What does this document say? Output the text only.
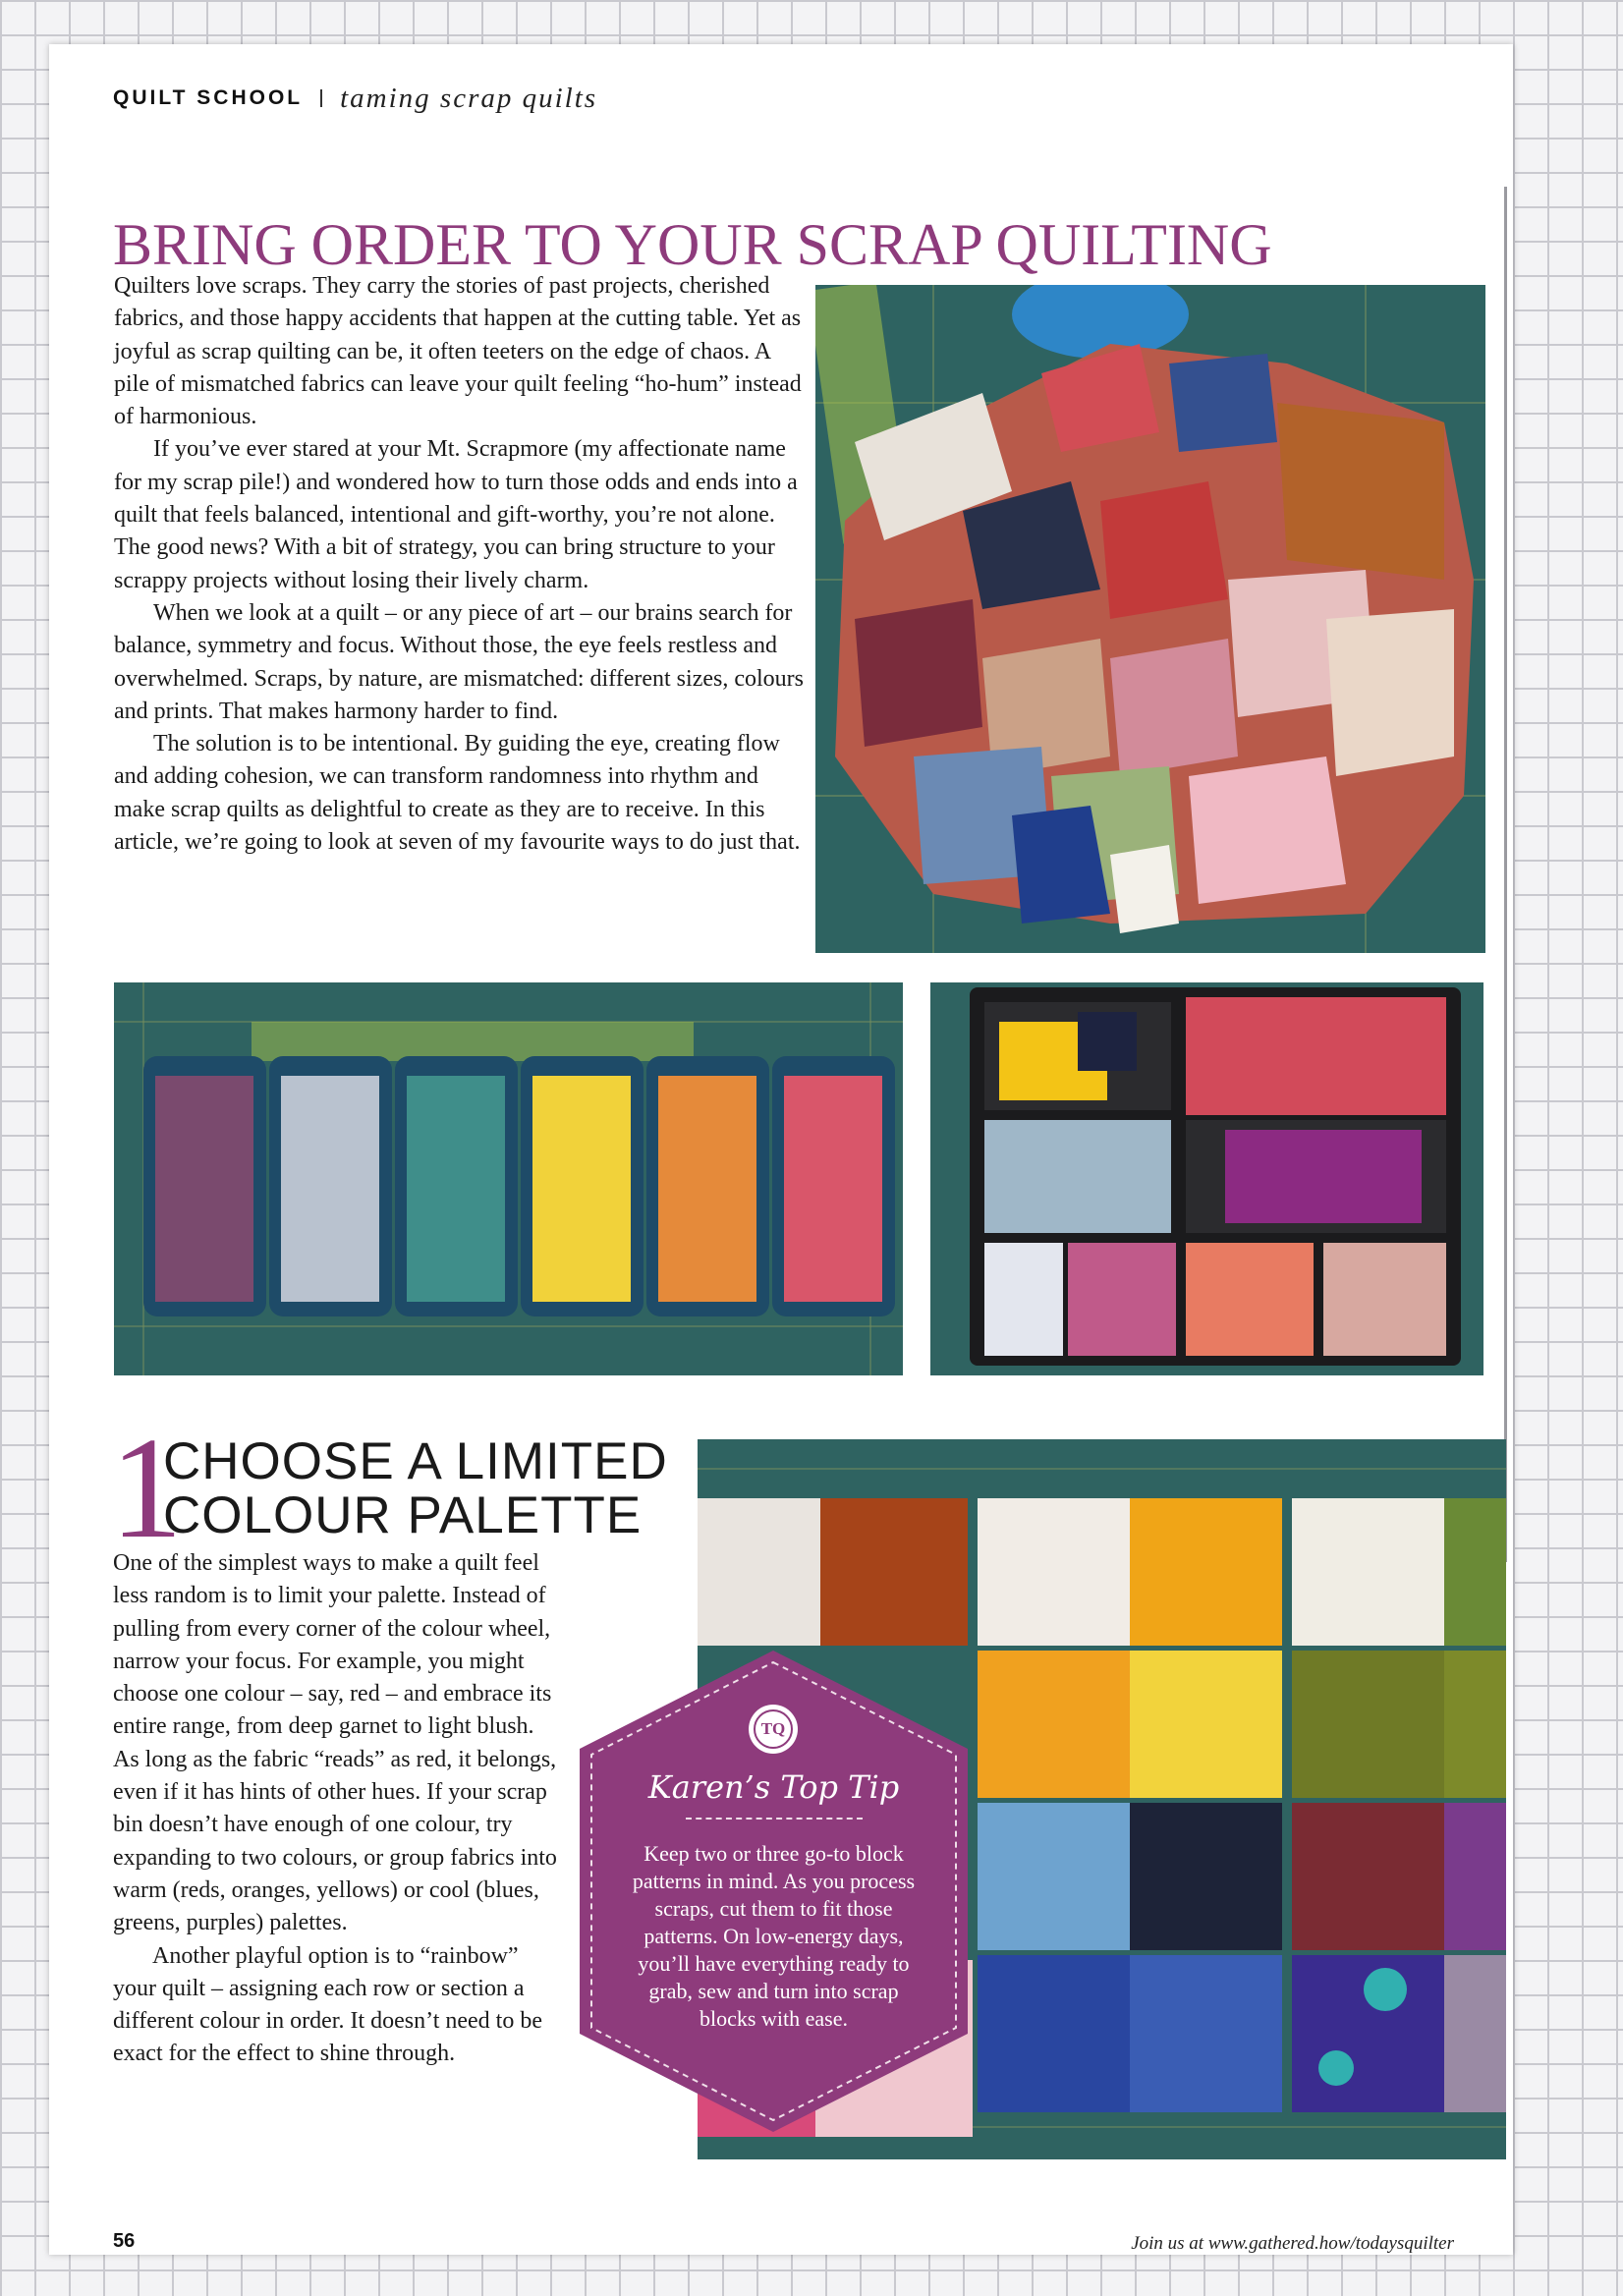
QUILT SCHOOL taming scrap quilts
BRING ORDER TO YOUR SCRAP QUILTING

Quilters love scraps. They carry the stories of past projects, cherished fabrics, and those happy accidents that happen at the cutting table. Yet as joyful as scrap quilting can be, it often teeters on the edge of chaos. A pile of mismatched fabrics can leave your quilt feeling “ho-hum” instead of harmonious.

If you’ve ever stared at your Mt. Scrapmore (my affectionate name for my scrap pile!) and wondered how to turn those odds and ends into a quilt that feels balanced, intentional and gift-worthy, you’re not alone. The good news? With a bit of strategy, you can bring structure to your scrappy projects without losing their lively charm.

When we look at a quilt – or any piece of art – our brains search for balance, symmetry and focus. Without those, the eye feels restless and overwhelmed. Scraps, by nature, are mismatched: different sizes, colours and prints. That makes harmony harder to find.

The solution is to be intentional. By guiding the eye, creating flow and adding cohesion, we can transform randomness into rhythm and make scrap quilts as delightful to create as they are to receive. In this article, we’re going to look at seven of my favourite ways to do just that.

1
CHOOSE A LIMITED
COLOUR PALETTE

One of the simplest ways to make a quilt feel less random is to limit your palette. Instead of pulling from every corner of the colour wheel, narrow your focus. For example, you might choose one colour – say, red – and embrace its entire range, from deep garnet to light blush. As long as the fabric “reads” as red, it belongs, even if it has hints of other hues. If your scrap bin doesn’t have enough of one colour, try expanding to two colours, or group fabrics into warm (reds, oranges, yellows) or cool (blues, greens, purples) palettes.

Another playful option is to “rainbow” your quilt – assigning each row or section a different colour in order. It doesn’t need to be exact for the effect to shine through.

TQ
Karen’s Top Tip
Keep two or three go-to block patterns in mind. As you process scraps, cut them to fit those patterns. On low-energy days, you’ll have everything ready to grab, sew and turn into scrap blocks with ease.
56	Join us at www.gathered.how/todaysquilter
